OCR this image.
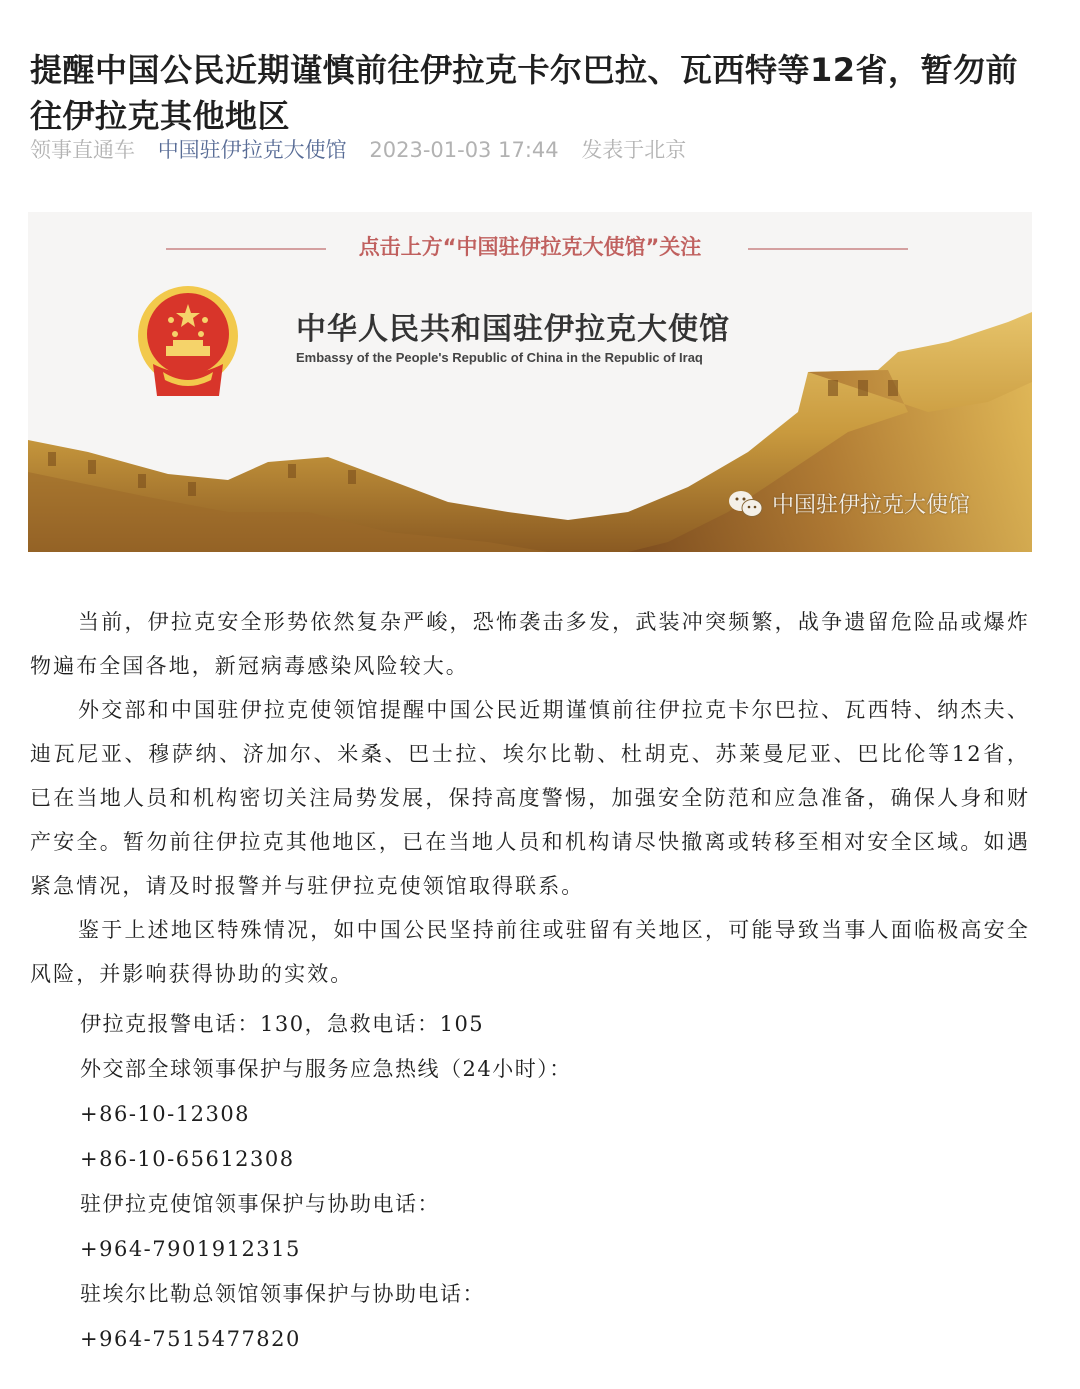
提醒中国公民近期谨慎前往伊拉克卡尔巴拉、瓦西特等12省，暂勿前往伊拉克其他地区
领事直通车 中国驻伊拉克大使馆 2023-01-03 17:44 发表于北京
点击上方“中国驻伊拉克大使馆”关注
中华人民共和国驻伊拉克大使馆
Embassy of the People's Republic of China in the Republic of Iraq
中国驻伊拉克大使馆

当前，伊拉克安全形势依然复杂严峻，恐怖袭击多发，武装冲突频繁，战争遗留危险品或爆炸物遍布全国各地，新冠病毒感染风险较大。

外交部和中国驻伊拉克使领馆提醒中国公民近期谨慎前往伊拉克卡尔巴拉、瓦西特、纳杰夫、迪瓦尼亚、穆萨纳、济加尔、米桑、巴士拉、埃尔比勒、杜胡克、苏莱曼尼亚、巴比伦等12省，已在当地人员和机构密切关注局势发展，保持高度警惕，加强安全防范和应急准备，确保人身和财产安全。暂勿前往伊拉克其他地区，已在当地人员和机构请尽快撤离或转移至相对安全区域。如遇紧急情况，请及时报警并与驻伊拉克使领馆取得联系。

鉴于上述地区特殊情况，如中国公民坚持前往或驻留有关地区，可能导致当事人面临极高安全风险，并影响获得协助的实效。

伊拉克报警电话：130，急救电话：105
外交部全球领事保护与服务应急热线（24小时）：
+86-10-12308
+86-10-65612308
驻伊拉克使馆领事保护与协助电话：
+964-7901912315
驻埃尔比勒总领馆领事保护与协助电话：
+964-7515477820
